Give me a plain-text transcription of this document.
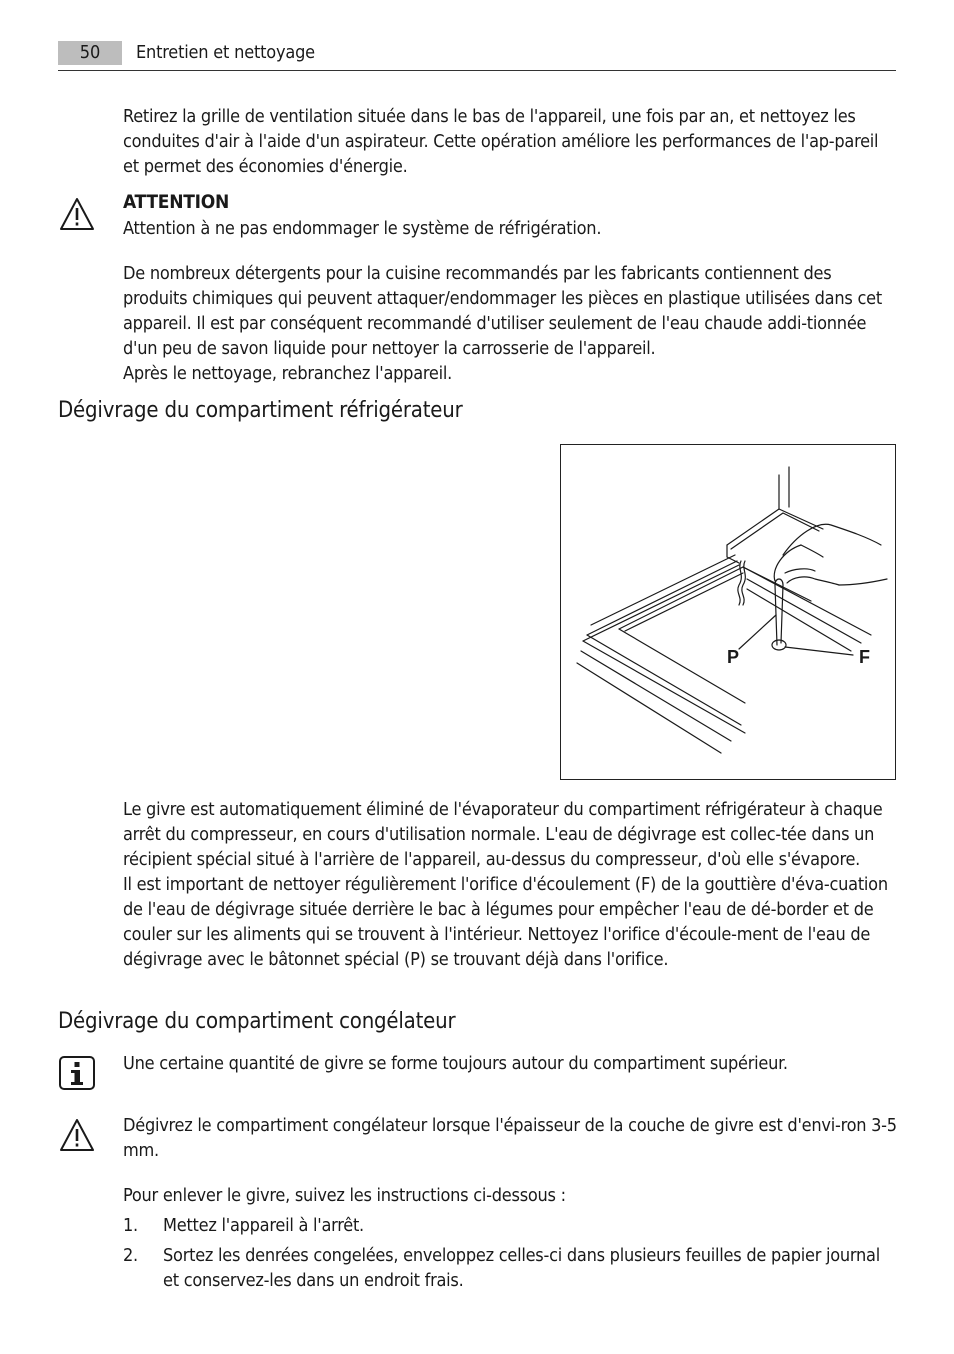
50	Entretien et nettoyage

Retirez la grille de ventilation située dans le bas de l'appareil, une fois par an, et nettoyez les conduites d'air à l'aide d'un aspirateur. Cette opération améliore les performances de l'ap-pareil et permet des économies d'énergie.

ATTENTION

Attention à ne pas endommager le système de réfrigération.

De nombreux détergents pour la cuisine recommandés par les fabricants contiennent des produits chimiques qui peuvent attaquer/endommager les pièces en plastique utilisées dans cet appareil. Il est par conséquent recommandé d'utiliser seulement de l'eau chaude addi-tionnée d'un peu de savon liquide pour nettoyer la carrosserie de l'appareil.

Après le nettoyage, rebranchez l'appareil.

Dégivrage du compartiment réfrigérateur
P	F

Le givre est automatiquement éliminé de l'évaporateur du compartiment réfrigérateur à chaque arrêt du compresseur, en cours d'utilisation normale. L'eau de dégivrage est collec-tée dans un récipient spécial situé à l'arrière de l'appareil, au-dessus du compresseur, d'où elle s'évapore.

Il est important de nettoyer régulièrement l'orifice d'écoulement (F) de la gouttière d'éva-cuation de l'eau de dégivrage située derrière le bac à légumes pour empêcher l'eau de dé-border et de couler sur les aliments qui se trouvent à l'intérieur. Nettoyez l'orifice d'écoule-ment de l'eau de dégivrage avec le bâtonnet spécial (P) se trouvant déjà dans l'orifice.

Dégivrage du compartiment congélateur

Une certaine quantité de givre se forme toujours autour du compartiment supérieur.

Dégivrez le compartiment congélateur lorsque l'épaisseur de la couche de givre est d'envi-ron 3-5 mm.

Pour enlever le givre, suivez les instructions ci-dessous :

1.	Mettez l'appareil à l'arrêt.
2.	Sortez les denrées congelées, enveloppez celles-ci dans plusieurs feuilles de papier journal et conservez-les dans un endroit frais.
